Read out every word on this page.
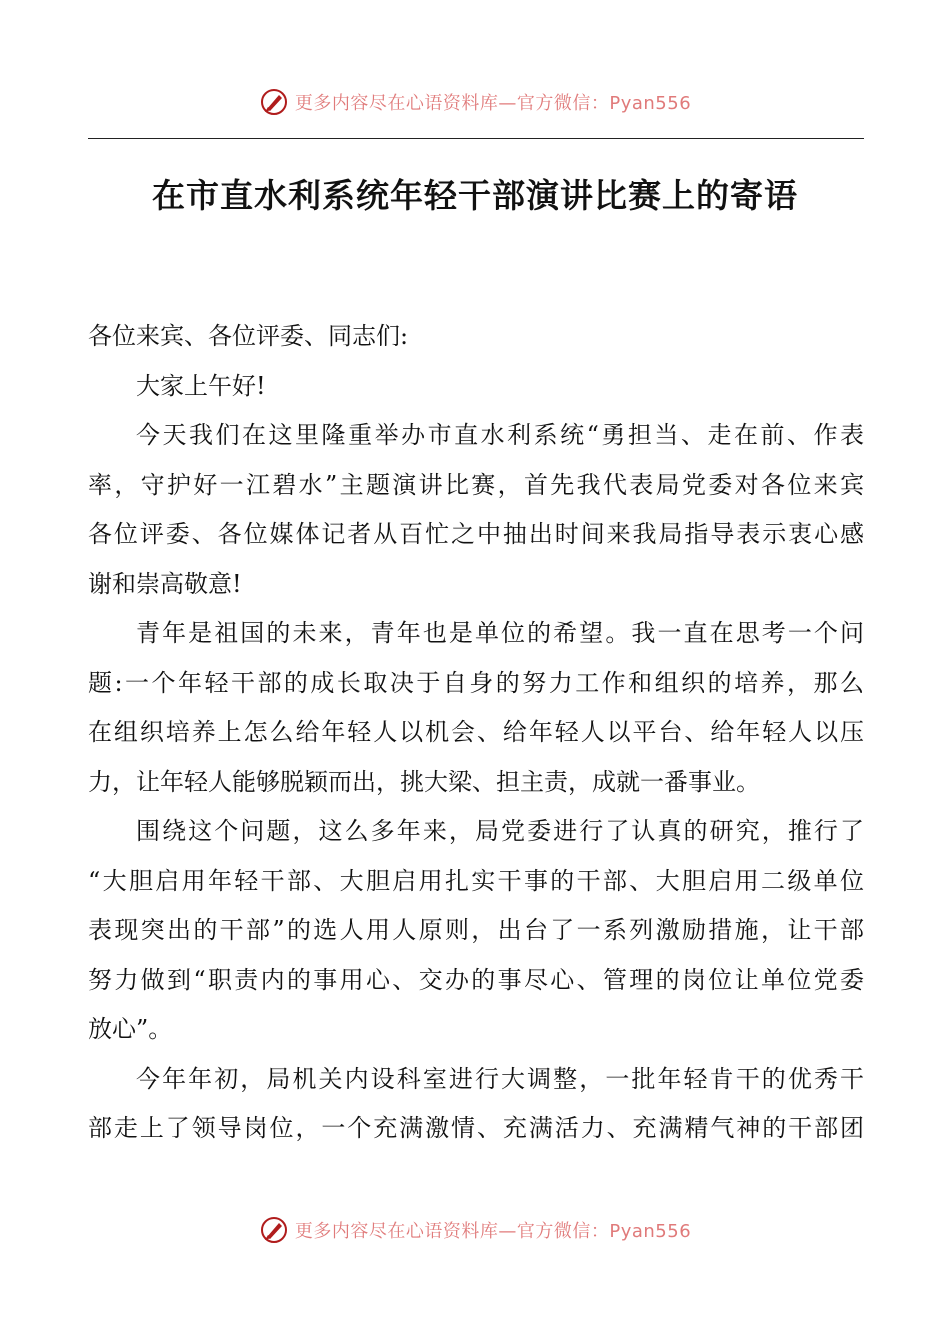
更多内容尽在心语资料库—官方微信：Pyan556
在市直水利系统年轻干部演讲比赛上的寄语
各位来宾、各位评委、同志们:
大家上午好!
今天我们在这里隆重举办市直水利系统“勇担当、走在前、作表
率，守护好一江碧水”主题演讲比赛，首先我代表局党委对各位来宾
各位评委、各位媒体记者从百忙之中抽出时间来我局指导表示衷心感
谢和崇高敬意!
青年是祖国的未来，青年也是单位的希望。我一直在思考一个问
题:一个年轻干部的成长取决于自身的努力工作和组织的培养，那么
在组织培养上怎么给年轻人以机会、给年轻人以平台、给年轻人以压
力，让年轻人能够脱颖而出，挑大梁、担主责，成就一番事业。
围绕这个问题，这么多年来，局党委进行了认真的研究，推行了
“大胆启用年轻干部、大胆启用扎实干事的干部、大胆启用二级单位
表现突出的干部”的选人用人原则，出台了一系列激励措施，让干部
努力做到“职责内的事用心、交办的事尽心、管理的岗位让单位党委
放心”。
今年年初，局机关内设科室进行大调整，一批年轻肯干的优秀干
部走上了领导岗位，一个充满激情、充满活力、充满精气神的干部团
更多内容尽在心语资料库—官方微信：Pyan556
